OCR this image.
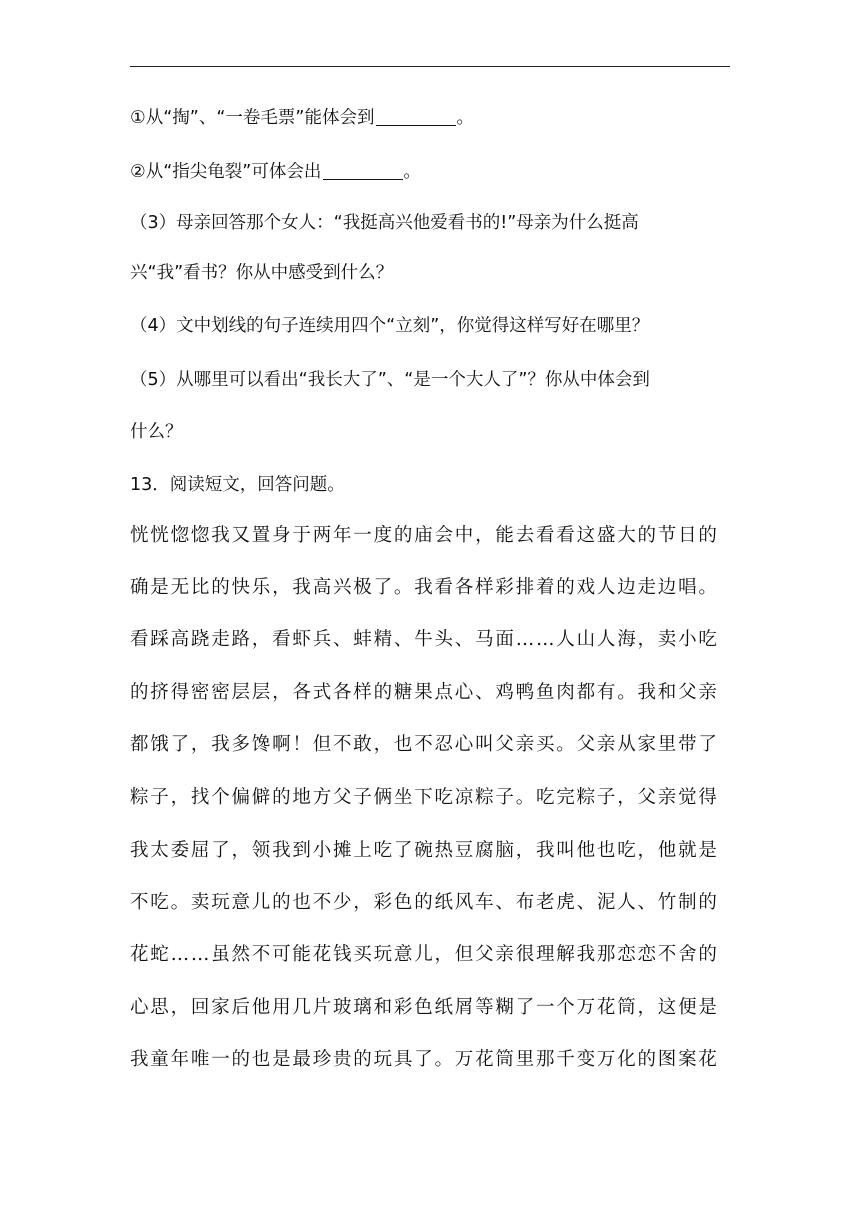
①从“掏”、“一卷毛票”能体会到	。
②从“指尖龟裂”可体会出	。
（3）母亲回答那个女人：“我挺高兴他爱看书的!”母亲为什么挺高
兴“我”看书？你从中感受到什么？
（4）文中划线的句子连续用四个“立刻”，你觉得这样写好在哪里？
（5）从哪里可以看出“我长大了”、“是一个大人了”？你从中体会到
什么？
13．阅读短文，回答问题。
恍恍惚惚我又置身于两年一度的庙会中，能去看看这盛大的节日的
确是无比的快乐，我高兴极了。我看各样彩排着的戏人边走边唱。
看踩高跷走路，看虾兵、蚌精、牛头、马面……人山人海，卖小吃
的挤得密密层层，各式各样的糖果点心、鸡鸭鱼肉都有。我和父亲
都饿了，我多馋啊！但不敢，也不忍心叫父亲买。父亲从家里带了
粽子，找个偏僻的地方父子俩坐下吃凉粽子。吃完粽子，父亲觉得
我太委屈了，领我到小摊上吃了碗热豆腐脑，我叫他也吃，他就是
不吃。卖玩意儿的也不少，彩色的纸风车、布老虎、泥人、竹制的
花蛇……虽然不可能花钱买玩意儿，但父亲很理解我那恋恋不舍的
心思，回家后他用几片玻璃和彩色纸屑等糊了一个万花筒，这便是
我童年唯一的也是最珍贵的玩具了。万花筒里那千变万化的图案花
